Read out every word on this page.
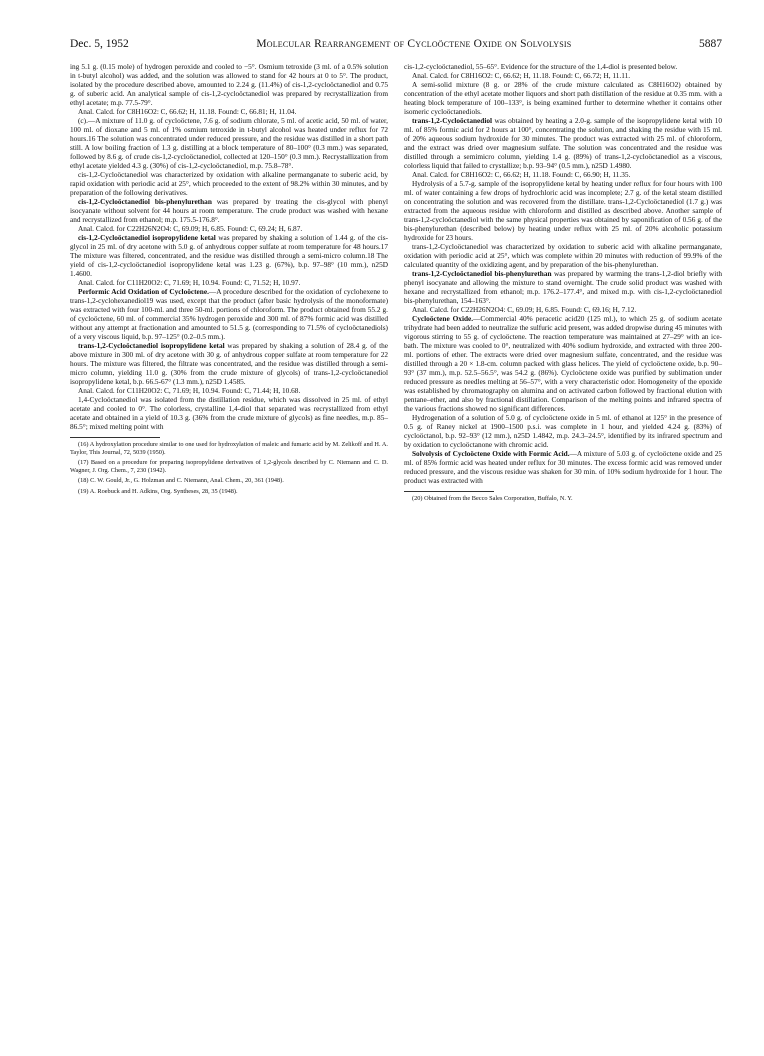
Dec. 5, 1952	Molecular Rearrangement of Cycloöctene Oxide on Solvolysis	5887

ing 5.1 g. (0.15 mole) of hydrogen peroxide and cooled to −5°. Osmium tetroxide (3 ml. of a 0.5% solution in t-butyl alcohol) was added, and the solution was allowed to stand for 42 hours at 0 to 5°. The product, isolated by the procedure described above, amounted to 2.24 g. (11.4%) of cis-1,2-cycloöctanediol and 0.75 g. of suberic acid. An analytical sample of cis-1,2-cycloöctanediol was prepared by recrystallization from ethyl acetate; m.p. 77.5-79°.

Anal. Calcd. for C8H16O2: C, 66.62; H, 11.18. Found: C, 66.81; H, 11.04.

(c).—A mixture of 11.0 g. of cycloöctene, 7.6 g. of sodium chlorate, 5 ml. of acetic acid, 50 ml. of water, 100 ml. of dioxane and 5 ml. of 1% osmium tetroxide in t-butyl alcohol was heated under reflux for 72 hours.16 The solution was concentrated under reduced pressure, and the residue was distilled in a short path still. A low boiling fraction of 1.3 g. distilling at a block temperature of 80–100° (0.3 mm.) was separated, followed by 8.6 g. of crude cis-1,2-cycloöctanediol, collected at 120–150° (0.3 mm.). Recrystallization from ethyl acetate yielded 4.3 g. (30%) of cis-1,2-cycloöctanediol, m.p. 75.8–78°.

cis-1,2-Cycloöctanediol was characterized by oxidation with alkaline permanganate to suberic acid, by rapid oxidation with periodic acid at 25°, which proceeded to the extent of 98.2% within 30 minutes, and by preparation of the following derivatives.

cis-1,2-Cycloöctanediol bis-phenylurethan was prepared by treating the cis-glycol with phenyl isocyanate without solvent for 44 hours at room temperature. The crude product was washed with hexane and recrystallized from ethanol; m.p. 175.5-176.8°.

Anal. Calcd. for C22H26N2O4: C, 69.09; H, 6.85. Found: C, 69.24; H, 6.87.

cis-1,2-Cycloöctanediol isopropylidene ketal was prepared by shaking a solution of 1.44 g. of the cis-glycol in 25 ml. of dry acetone with 5.0 g. of anhydrous copper sulfate at room temperature for 48 hours.17 The mixture was filtered, concentrated, and the residue was distilled through a semi-micro column.18 The yield of cis-1,2-cycloöctanediol isopropylidene ketal was 1.23 g. (67%), b.p. 97–98° (10 mm.), n25D 1.4600.

Anal. Calcd. for C11H20O2: C, 71.69; H, 10.94. Found: C, 71.52; H, 10.97.

Performic Acid Oxidation of Cycloöctene.—A procedure described for the oxidation of cyclohexene to trans-1,2-cyclohexanediol19 was used, except that the product (after basic hydrolysis of the monoformate) was extracted with four 100-ml. and three 50-ml. portions of chloroform. The product obtained from 55.2 g. of cycloöctene, 60 ml. of commercial 35% hydrogen peroxide and 300 ml. of 87% formic acid was distilled without any attempt at fractionation and amounted to 51.5 g. (corresponding to 71.5% of cycloöctanediols) of a very viscous liquid, b.p. 97–125° (0.2–0.5 mm.).

trans-1,2-Cycloöctanediol isopropylidene ketal was prepared by shaking a solution of 28.4 g. of the above mixture in 300 ml. of dry acetone with 30 g. of anhydrous copper sulfate at room temperature for 22 hours. The mixture was filtered, the filtrate was concentrated, and the residue was distilled through a semi-micro column, yielding 11.0 g. (30% from the crude mixture of glycols) of trans-1,2-cycloöctanediol isopropylidene ketal, b.p. 66.5-67° (1.3 mm.), n25D 1.4585.

Anal. Calcd. for C11H20O2: C, 71.69; H, 10.94. Found: C, 71.44; H, 10.68.

1,4-Cycloöctanediol was isolated from the distillation residue, which was dissolved in 25 ml. of ethyl acetate and cooled to 0°. The colorless, crystalline 1,4-diol that separated was recrystallized from ethyl acetate and obtained in a yield of 10.3 g. (36% from the crude mixture of glycols) as fine needles, m.p. 85–86.5°; mixed melting point with

(16) A hydroxylation procedure similar to one used for hydroxylation of maleic and fumaric acid by M. Zelikoff and H. A. Taylor, This Journal, 72, 5039 (1950).

(17) Based on a procedure for preparing isopropylidene derivatives of 1,2-glycols described by C. Niemann and C. D. Wagner, J. Org. Chem., 7, 230 (1942).

(18) C. W. Gould, Jr., G. Holzman and C. Niemann, Anal. Chem., 20, 361 (1948).

(19) A. Roebuck and H. Adkins, Org. Syntheses, 28, 35 (1948).

cis-1,2-cycloöctanediol, 55–65°. Evidence for the structure of the 1,4-diol is presented below.

Anal. Calcd. for C8H16O2: C, 66.62; H, 11.18. Found: C, 66.72; H, 11.11.

A semi-solid mixture (8 g. or 28% of the crude mixture calculated as C8H16O2) obtained by concentration of the ethyl acetate mother liquors and short path distillation of the residue at 0.35 mm. with a heating block temperature of 100–133°, is being examined further to determine whether it contains other isomeric cycloöctanediols.

trans-1,2-Cycloöctanediol was obtained by heating a 2.0-g. sample of the isopropylidene ketal with 10 ml. of 85% formic acid for 2 hours at 100°, concentrating the solution, and shaking the residue with 15 ml. of 20% aqueous sodium hydroxide for 30 minutes. The product was extracted with 25 ml. of chloroform, and the extract was dried over magnesium sulfate. The solution was concentrated and the residue was distilled through a semimicro column, yielding 1.4 g. (89%) of trans-1,2-cycloöctanediol as a viscous, colorless liquid that failed to crystallize; b.p. 93–94° (0.5 mm.), n25D 1.4980.

Anal. Calcd. for C8H16O2: C, 66.62; H, 11.18. Found: C, 66.90; H, 11.35.

Hydrolysis of a 5.7-g. sample of the isopropylidene ketal by heating under reflux for four hours with 100 ml. of water containing a few drops of hydrochloric acid was incomplete; 2.7 g. of the ketal steam distilled on concentrating the solution and was recovered from the distillate. trans-1,2-Cycloöctanediol (1.7 g.) was extracted from the aqueous residue with chloroform and distilled as described above. Another sample of trans-1,2-cycloöctanediol with the same physical properties was obtained by saponification of 0.56 g. of the bis-phenylurethan (described below) by heating under reflux with 25 ml. of 20% alcoholic potassium hydroxide for 23 hours.

trans-1,2-Cycloöctanediol was characterized by oxidation to suberic acid with alkaline permanganate, oxidation with periodic acid at 25°, which was complete within 20 minutes with reduction of 99.9% of the calculated quantity of the oxidizing agent, and by preparation of the bis-phenylurethan.

trans-1,2-Cycloöctanediol bis-phenylurethan was prepared by warming the trans-1,2-diol briefly with phenyl isocyanate and allowing the mixture to stand overnight. The crude solid product was washed with hexane and recrystallized from ethanol; m.p. 176.2–177.4°, and mixed m.p. with cis-1,2-cycloöctanediol bis-phenylurethan, 154–163°.

Anal. Calcd. for C22H26N2O4: C, 69.09; H, 6.85. Found: C, 69.16; H, 7.12.

Cycloöctene Oxide.—Commercial 40% peracetic acid20 (125 ml.), to which 25 g. of sodium acetate trihydrate had been added to neutralize the sulfuric acid present, was added dropwise during 45 minutes with vigorous stirring to 55 g. of cycloöctene. The reaction temperature was maintained at 27–29° with an ice-bath. The mixture was cooled to 0°, neutralized with 40% sodium hydroxide, and extracted with three 200-ml. portions of ether. The extracts were dried over magnesium sulfate, concentrated, and the residue was distilled through a 20 × 1.8-cm. column packed with glass helices. The yield of cycloöctene oxide, b.p. 90–93° (37 mm.), m.p. 52.5–56.5°, was 54.2 g. (86%). Cycloöctene oxide was purified by sublimation under reduced pressure as needles melting at 56–57°, with a very characteristic odor. Homogeneity of the epoxide was established by chromatography on alumina and on activated carbon followed by fractional elution with pentane–ether, and also by fractional distillation. Comparison of the melting points and infrared spectra of the various fractions showed no significant differences.

Hydrogenation of a solution of 5.0 g. of cycloöctene oxide in 5 ml. of ethanol at 125° in the presence of 0.5 g. of Raney nickel at 1900–1500 p.s.i. was complete in 1 hour, and yielded 4.24 g. (83%) of cycloöctanol, b.p. 92–93° (12 mm.), n25D 1.4842, m.p. 24.3–24.5°, identified by its infrared spectrum and by oxidation to cycloöctanone with chromic acid.

Solvolysis of Cycloöctene Oxide with Formic Acid.—A mixture of 5.03 g. of cycloöctene oxide and 25 ml. of 85% formic acid was heated under reflux for 30 minutes. The excess formic acid was removed under reduced pressure, and the viscous residue was shaken for 30 min. of 10% sodium hydroxide for 1 hour. The product was extracted with

(20) Obtained from the Becco Sales Corporation, Buffalo, N. Y.
